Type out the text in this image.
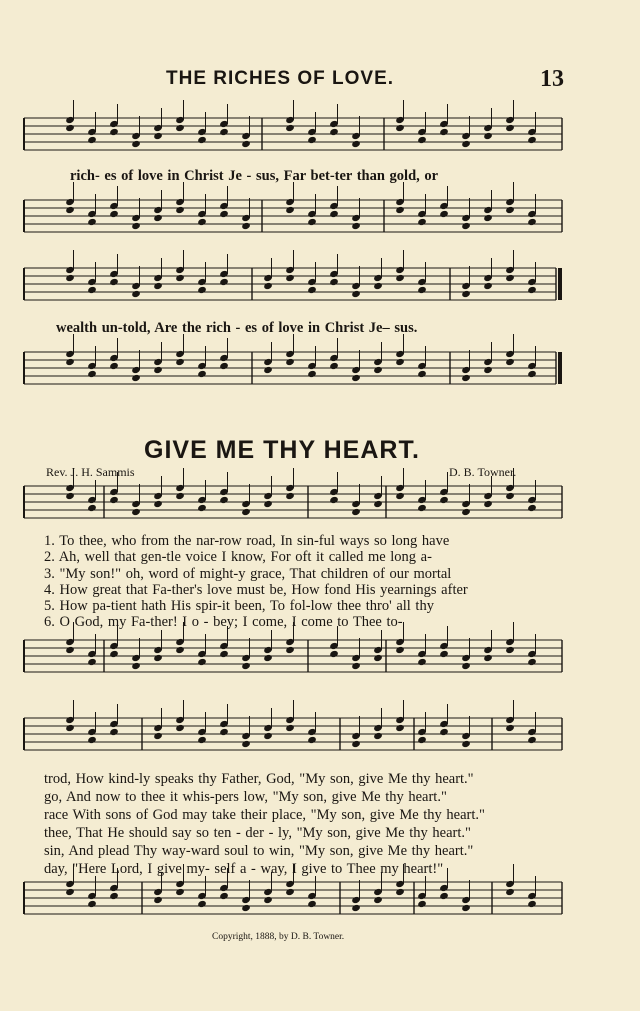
THE RICHES OF LOVE.	13
rich- es of love in Christ Je - sus, Far bet-ter than gold, or
wealth un-told, Are the rich - es of love in Christ Je– sus.
GIVE ME THY HEART.
Rev. J. H. Sammis	D. B. Towner.
1. To thee, who from the nar-row road, In sin-ful ways so long have
2. Ah, well that gen-tle voice I know, For oft it called me long a-
3. "My son!" oh, word of might-y grace, That children of our mortal
4. How great that Fa-ther's love must be, How fond His yearnings after
5. How pa-tient hath His spir-it been, To fol-low thee thro' all thy
6. O God, my Fa-ther! I o - bey; I come, I come to Thee to-
trod, How kind-ly speaks thy Father, God, "My son, give Me thy heart."
go, And now to thee it whis-pers low, "My son, give Me thy heart."
race With sons of God may take their place, "My son, give Me thy heart."
thee, That He should say so ten - der - ly, "My son, give Me thy heart."
sin, And plead Thy way-ward soul to win, "My son, give Me thy heart."
day, "Here Lord, I give my- self a - way, I give to Thee my heart!"
Copyright, 1888, by D. B. Towner.
